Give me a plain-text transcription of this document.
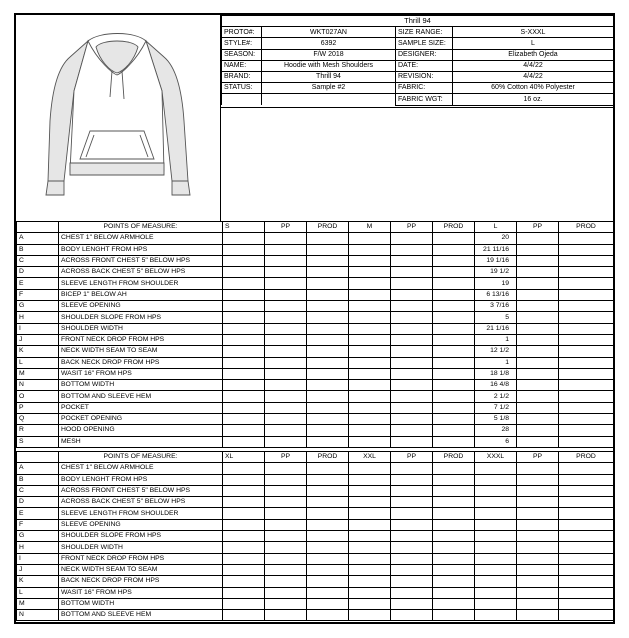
Thrill 94			
PROTO#:	WKT027AN	SIZE RANGE:	S-XXXL
STYLE#:	6392	SAMPLE SIZE:	L
SEASON:	F/W 2018	DESIGNER:	Elizabeth Ojeda
NAME:	Hoodie with Mesh Shoulders	DATE:	4/4/22
BRAND:	Thrill 94	REVISION:	4/4/22
STATUS:	Sample #2	FABRIC:	60% Cotton 40% Polyester
		FABRIC WGT:	16 oz.
	POINTS OF MEASURE:	S	PP	PROD	M	PP	PROD	L	PP	PROD
A	CHEST 1" BELOW ARMHOLE							20		
B	BODY LENGHT FROM HPS							21 11/16		
C	ACROSS FRONT CHEST 5" BELOW HPS							19 1/16		
D	ACROSS BACK CHEST 5" BELOW HPS							19 1/2		
E	SLEEVE LENGTH FROM SHOULDER							19		
F	BICEP 1" BELOW AH							6 13/16		
G	SLEEVE OPENING							3 7/16		
H	SHOULDER SLOPE FROM HPS							5		
I	SHOULDER WIDTH							21 1/16		
J	FRONT NECK DROP FROM HPS							1		
K	NECK WIDTH SEAM TO SEAM							12 1/2		
L	BACK NECK DROP FROM HPS							1		
M	WASIT 16" FROM HPS							18 1/8		
N	BOTTOM WIDTH							16 4/8		
O	BOTTOM AND SLEEVE HEM							2 1/2		
P	POCKET							7 1/2		
Q	POCKET OPENING							5 1/8		
R	HOOD OPENING							28		
S	MESH							6		
	POINTS OF MEASURE:	XL	PP	PROD	XXL	PP	PROD	XXXL	PP	PROD
A	CHEST 1" BELOW ARMHOLE									
B	BODY LENGHT FROM HPS									
C	ACROSS FRONT CHEST 5" BELOW HPS									
D	ACROSS BACK CHEST 5" BELOW HPS									
E	SLEEVE LENGTH FROM SHOULDER									
F	SLEEVE OPENING									
G	SHOULDER SLOPE FROM HPS									
H	SHOULDER WIDTH									
I	FRONT NECK DROP FROM HPS									
J	NECK WIDTH SEAM TO SEAM									
K	BACK NECK DROP FROM HPS									
L	WASIT 16" FROM HPS									
M	BOTTOM WIDTH									
N	BOTTOM AND SLEEVE HEM									
